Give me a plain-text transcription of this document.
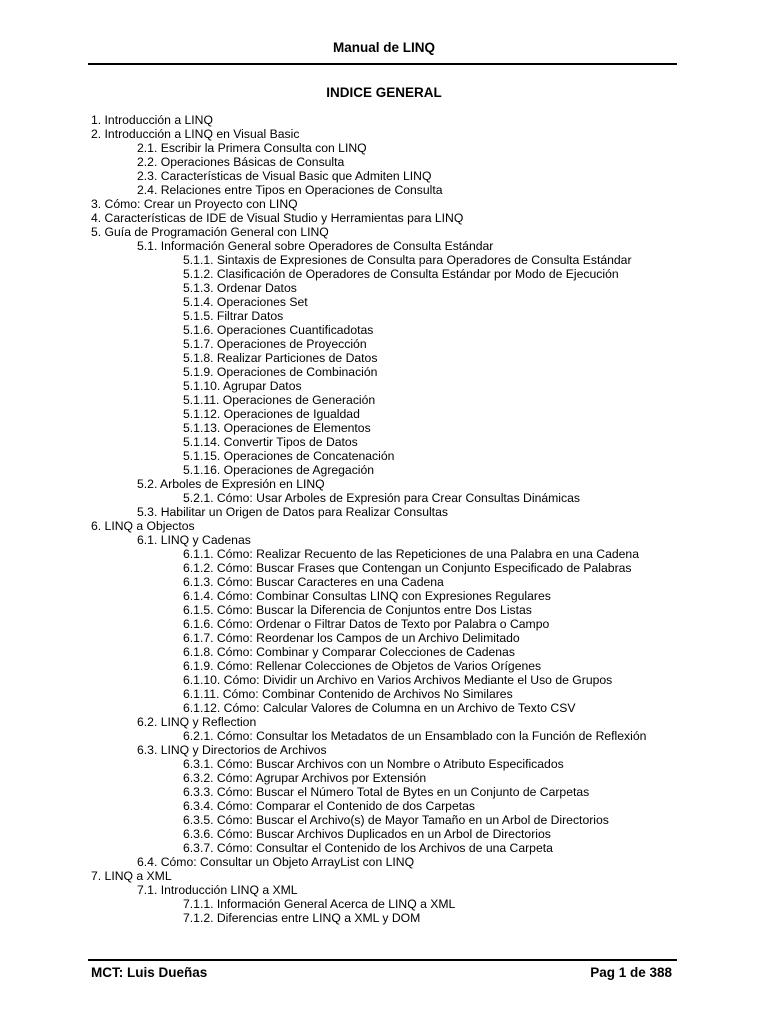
Manual de LINQ
INDICE GENERAL
1. Introducción a LINQ
2. Introducción a LINQ en Visual Basic
2.1. Escribir la Primera Consulta con LINQ
2.2. Operaciones Básicas de Consulta
2.3. Características de Visual Basic que Admiten LINQ
2.4. Relaciones entre Tipos en Operaciones de Consulta
3. Cómo: Crear un Proyecto con LINQ
4. Características de IDE de Visual Studio y Herramientas para LINQ
5. Guía de Programación General con LINQ
5.1. Información General sobre Operadores de Consulta Estándar
5.1.1. Sintaxis de Expresiones de Consulta para Operadores de Consulta Estándar
5.1.2. Clasificación de Operadores de Consulta Estándar por Modo de Ejecución
5.1.3. Ordenar Datos
5.1.4. Operaciones Set
5.1.5. Filtrar Datos
5.1.6. Operaciones Cuantificadotas
5.1.7. Operaciones de Proyección
5.1.8. Realizar Particiones de Datos
5.1.9. Operaciones de Combinación
5.1.10. Agrupar Datos
5.1.11. Operaciones de Generación
5.1.12. Operaciones de Igualdad
5.1.13. Operaciones de Elementos
5.1.14. Convertir Tipos de Datos
5.1.15. Operaciones de Concatenación
5.1.16. Operaciones de Agregación
5.2. Arboles de Expresión en LINQ
5.2.1. Cómo: Usar Arboles de Expresión para Crear Consultas Dinámicas
5.3. Habilitar un Origen de Datos para Realizar Consultas
6. LINQ a Objectos
6.1. LINQ y Cadenas
6.1.1. Cómo: Realizar Recuento de las Repeticiones de una Palabra en una Cadena
6.1.2. Cómo: Buscar Frases que Contengan un Conjunto Especificado de Palabras
6.1.3. Cómo: Buscar Caracteres en una Cadena
6.1.4. Cómo: Combinar Consultas LINQ con Expresiones Regulares
6.1.5. Cómo: Buscar la Diferencia de Conjuntos entre Dos Listas
6.1.6. Cómo: Ordenar o Filtrar Datos de Texto por Palabra o Campo
6.1.7. Cómo: Reordenar los Campos de un Archivo Delimitado
6.1.8. Cómo: Combinar y Comparar Colecciones de Cadenas
6.1.9. Cómo: Rellenar Colecciones de Objetos de Varios Orígenes
6.1.10. Cómo: Dividir un Archivo en Varios Archivos Mediante el Uso de Grupos
6.1.11. Cómo: Combinar Contenido de Archivos No Similares
6.1.12. Cómo: Calcular Valores de Columna en un Archivo de Texto CSV
6.2. LINQ y Reflection
6.2.1. Cómo: Consultar los Metadatos de un Ensamblado con la Función de Reflexión
6.3. LINQ y Directorios de Archivos
6.3.1. Cómo: Buscar Archivos con un Nombre o Atributo Especificados
6.3.2. Cómo: Agrupar Archivos por Extensión
6.3.3. Cómo: Buscar el Número Total de Bytes en un Conjunto de Carpetas
6.3.4. Cómo: Comparar el Contenido de dos Carpetas
6.3.5. Cómo: Buscar el Archivo(s) de Mayor Tamaño en un Arbol de Directorios
6.3.6. Cómo: Buscar Archivos Duplicados en un Arbol de Directorios
6.3.7. Cómo: Consultar el Contenido de los Archivos de una Carpeta
6.4. Cómo: Consultar un Objeto ArrayList con LINQ
7. LINQ a XML
7.1. Introducción LINQ a XML
7.1.1. Información General Acerca de LINQ a XML
7.1.2. Diferencias entre LINQ a XML y DOM
MCT: Luis Dueñas	Pag 1 de 388
